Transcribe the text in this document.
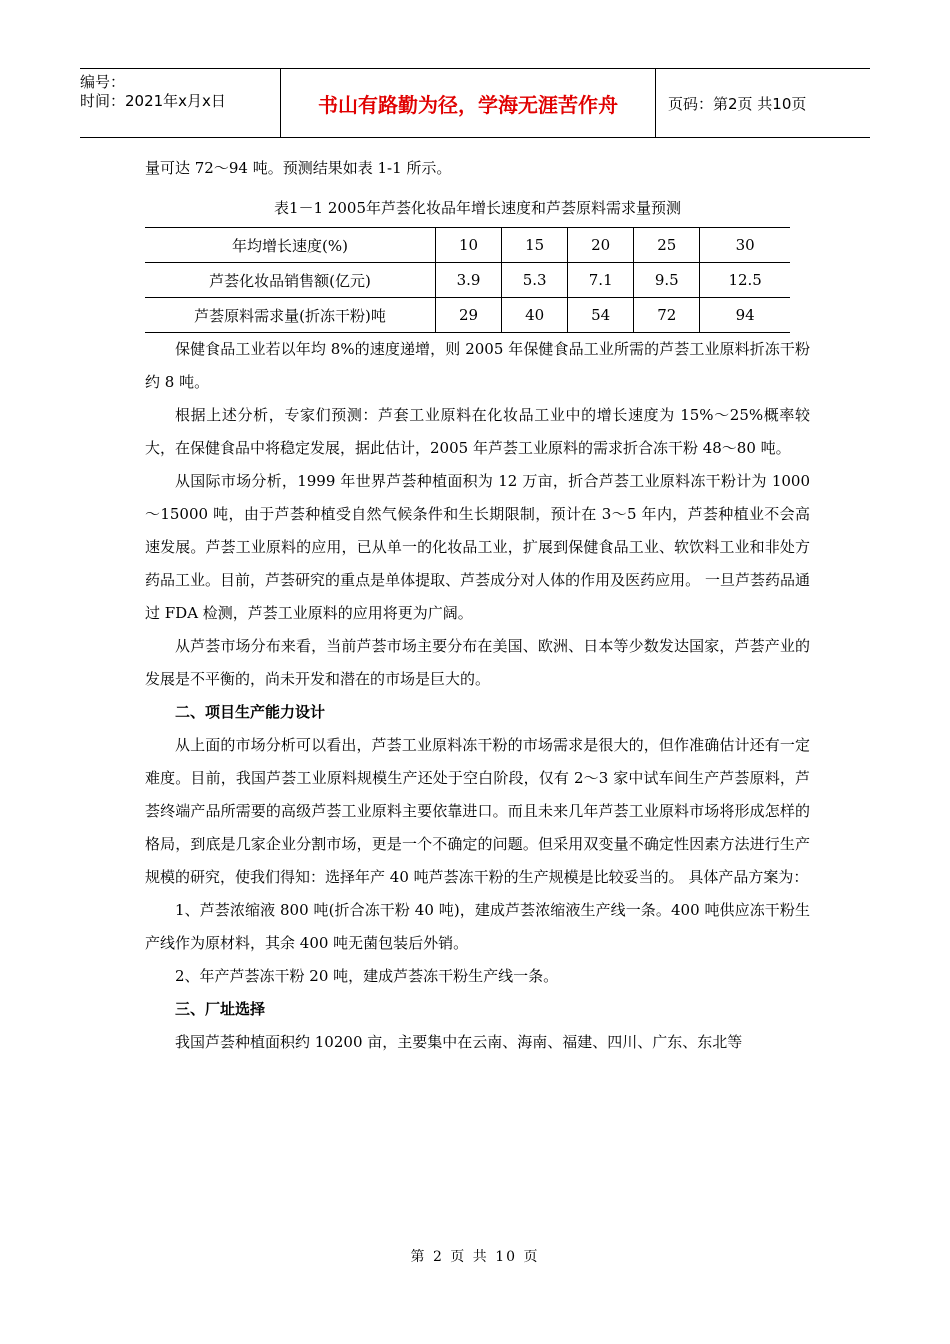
编号：
时间：2021年x月x日	书山有路勤为径，学海无涯苦作舟	页码：第2页 共10页

量可达 72～94 吨。预测结果如表 1-1 所示。

表1－1 2005年芦荟化妆品年增长速度和芦荟原料需求量预测
年均增长速度(%)	10	15	20	25	30
芦荟化妆品销售额(亿元)	3.9	5.3	7.1	9.5	12.5
芦荟原料需求量(折冻干粉)吨	29	40	54	72	94

保健食品工业若以年均 8%的速度递增，则 2005 年保健食品工业所需的芦荟工业原料折冻干粉约 8 吨。

根据上述分析，专家们预测：芦套工业原料在化妆品工业中的增长速度为 15%～25%概率较大，在保健食品中将稳定发展，据此估计，2005 年芦荟工业原料的需求折合冻干粉 48～80 吨。

从国际市场分析，1999 年世界芦荟种植面积为 12 万亩，折合芦荟工业原料冻干粉计为 1000～15000 吨，由于芦荟种植受自然气候条件和生长期限制，预计在 3～5 年内，芦荟种植业不会高速发展。芦荟工业原料的应用，已从单一的化妆品工业，扩展到保健食品工业、软饮料工业和非处方药品工业。目前，芦荟研究的重点是单体提取、芦荟成分对人体的作用及医药应用。 一旦芦荟药品通过 FDA 检测，芦荟工业原料的应用将更为广阔。

从芦荟市场分布来看，当前芦荟市场主要分布在美国、欧洲、日本等少数发达国家，芦荟产业的发展是不平衡的，尚未开发和潜在的市场是巨大的。

二、项目生产能力设计

从上面的市场分析可以看出，芦荟工业原料冻干粉的市场需求是很大的，但作准确估计还有一定难度。目前，我国芦荟工业原料规模生产还处于空白阶段，仅有 2～3 家中试车间生产芦荟原料，芦荟终端产品所需要的高级芦荟工业原料主要依靠进口。而且未来几年芦荟工业原料市场将形成怎样的格局，到底是几家企业分割市场，更是一个不确定的问题。但采用双变量不确定性因素方法进行生产规模的研究，使我们得知：选择年产 40 吨芦荟冻干粉的生产规模是比较妥当的。 具体产品方案为：

1、芦荟浓缩液 800 吨(折合冻干粉 40 吨)，建成芦荟浓缩液生产线一条。400 吨供应冻干粉生产线作为原材料，其余 400 吨无菌包装后外销。

2、年产芦荟冻干粉 20 吨，建成芦荟冻干粉生产线一条。

三、厂址选择

我国芦荟种植面积约 10200 亩，主要集中在云南、海南、福建、四川、广东、东北等

第 2 页 共 10 页
